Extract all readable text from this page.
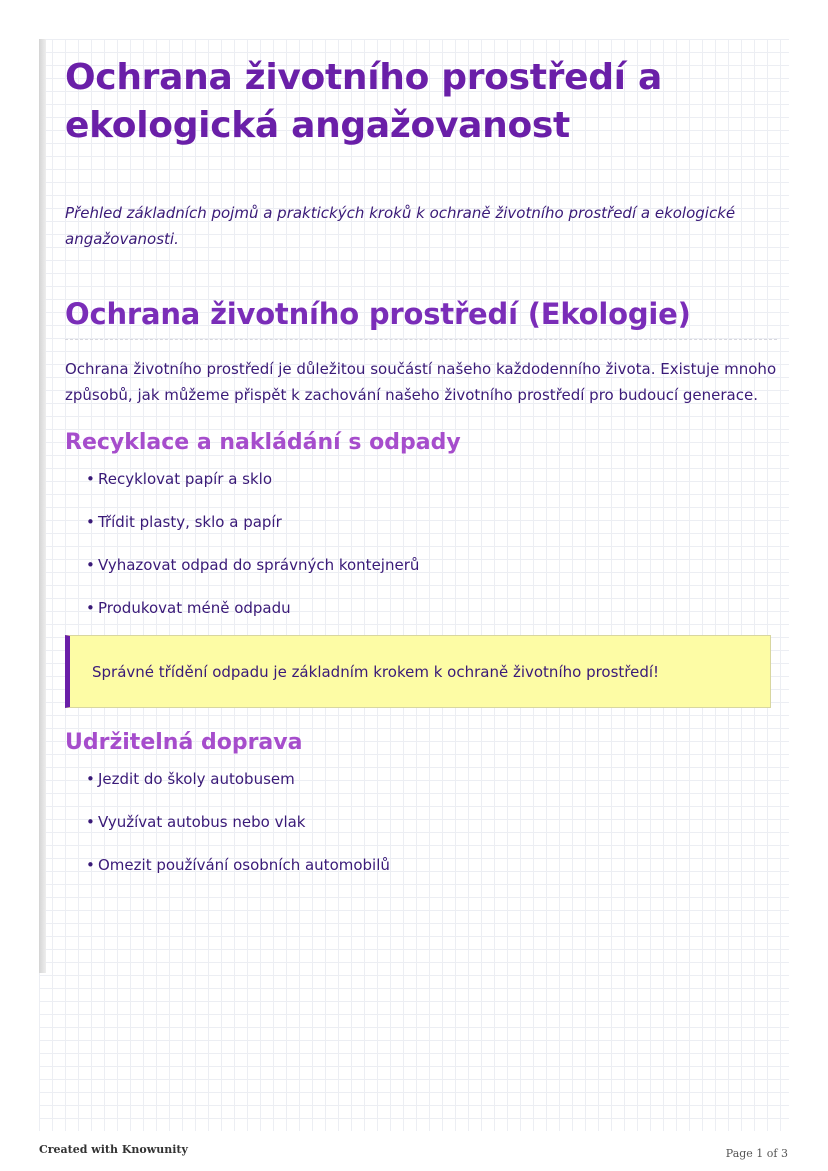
Ochrana životního prostředí a ekologická angažovanost

Přehled základních pojmů a praktických kroků k ochraně životního prostředí a ekologické angažovanosti.

Ochrana životního prostředí (Ekologie)

Ochrana životního prostředí je důležitou součástí našeho každodenního života. Existuje mnoho způsobů, jak můžeme přispět k zachování našeho životního prostředí pro budoucí generace.

Recyklace a nakládání s odpady
• Recyklovat papír a sklo
• Třídit plasty, sklo a papír
• Vyhazovat odpad do správných kontejnerů
• Produkovat méně odpadu
Správné třídění odpadu je základním krokem k ochraně životního prostředí!
Udržitelná doprava
• Jezdit do školy autobusem
• Využívat autobus nebo vlak
• Omezit používání osobních automobilů
Created with Knowunity	Page 1 of 3
